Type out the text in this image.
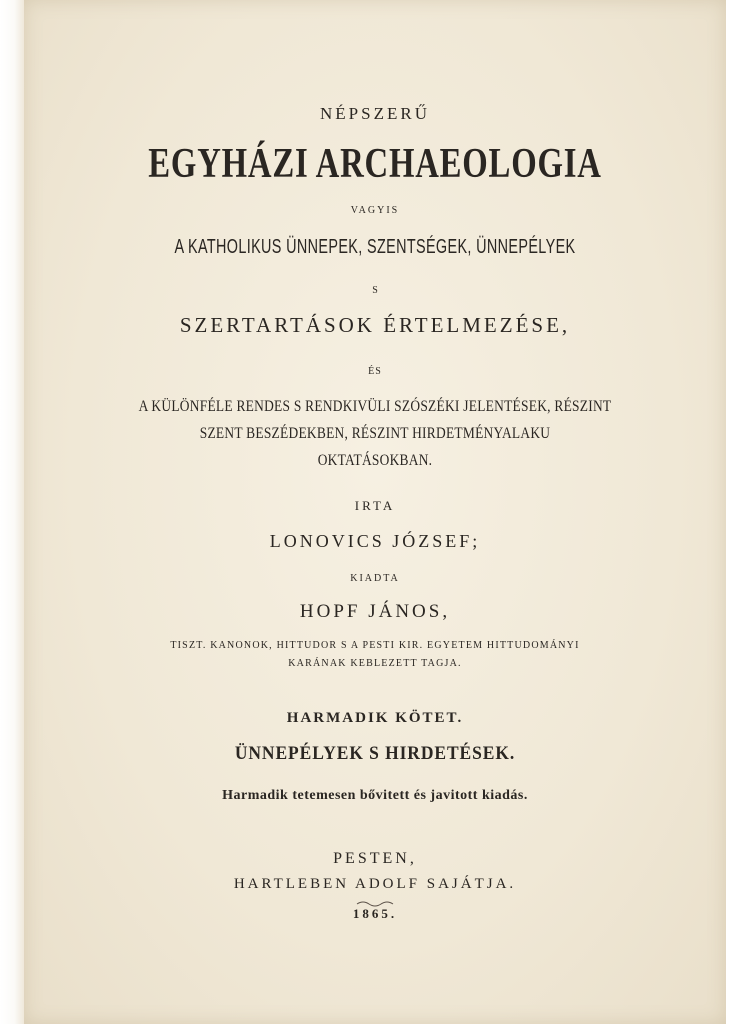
NÉPSZERŰ

EGYHÁZI ARCHAEOLOGIA

VAGYIS

A KATHOLIKUS ÜNNEPEK, SZENTSÉGEK, ÜNNEPÉLYEK

S

SZERTARTÁSOK ÉRTELMEZÉSE,

ÉS

A KÜLÖNFÉLE RENDES S RENDKIVÜLI SZÓSZÉKI JELENTÉSEK, RÉSZINT

SZENT BESZÉDEKBEN, RÉSZINT HIRDETMÉNYALAKU

OKTATÁSOKBAN.

IRTA

LONOVICS JÓZSEF;

KIADTA

HOPF JÁNOS,

TISZT. KANONOK, HITTUDOR S A PESTI KIR. EGYETEM HITTUDOMÁNYI

KARÁNAK KEBLEZETT TAGJA.

HARMADIK KÖTET.

ÜNNEPÉLYEK S HIRDETÉSEK.

Harmadik tetemesen bővitett és javitott kiadás.

PESTEN,

HARTLEBEN ADOLF SAJÁTJA.

1865.
